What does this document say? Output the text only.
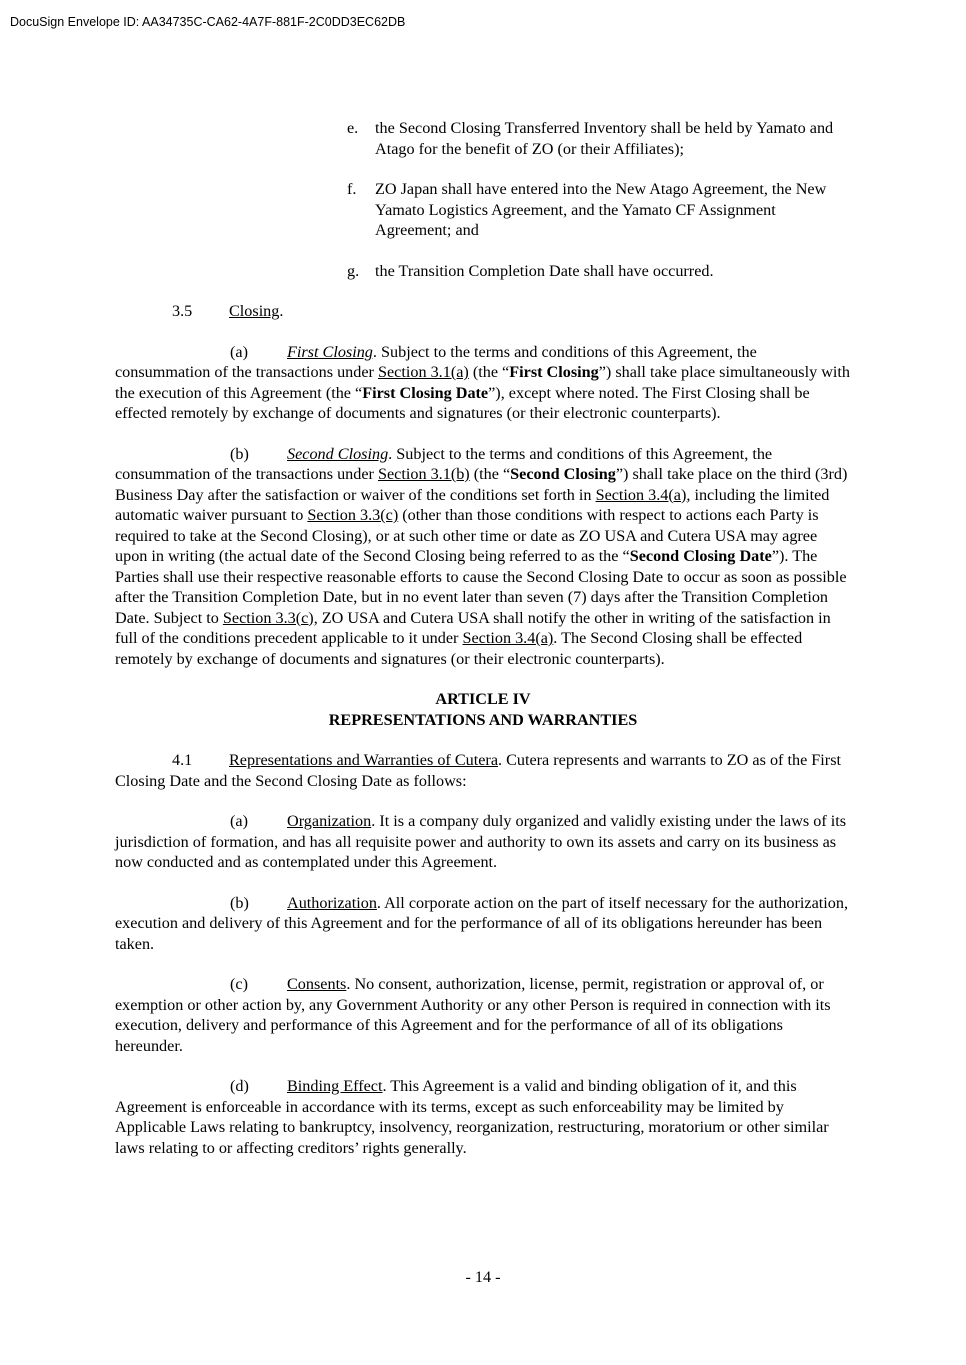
DocuSign Envelope ID: AA34735C-CA62-4A7F-881F-2C0DD3EC62DB
e. the Second Closing Transferred Inventory shall be held by Yamato and Atago for the benefit of ZO (or their Affiliates);
f. ZO Japan shall have entered into the New Atago Agreement, the New Yamato Logistics Agreement, and the Yamato CF Assignment Agreement; and
g. the Transition Completion Date shall have occurred.
3.5 Closing.

(a) First Closing. Subject to the terms and conditions of this Agreement, the consummation of the transactions under Section 3.1(a) (the “First Closing”) shall take place simultaneously with the execution of this Agreement (the “First Closing Date”), except where noted. The First Closing shall be effected remotely by exchange of documents and signatures (or their electronic counterparts).

(b) Second Closing. Subject to the terms and conditions of this Agreement, the consummation of the transactions under Section 3.1(b) (the “Second Closing”) shall take place on the third (3rd) Business Day after the satisfaction or waiver of the conditions set forth in Section 3.4(a), including the limited automatic waiver pursuant to Section 3.3(c) (other than those conditions with respect to actions each Party is required to take at the Second Closing), or at such other time or date as ZO USA and Cutera USA may agree upon in writing (the actual date of the Second Closing being referred to as the “Second Closing Date”). The Parties shall use their respective reasonable efforts to cause the Second Closing Date to occur as soon as possible after the Transition Completion Date, but in no event later than seven (7) days after the Transition Completion Date. Subject to Section 3.3(c), ZO USA and Cutera USA shall notify the other in writing of the satisfaction in full of the conditions precedent applicable to it under Section 3.4(a). The Second Closing shall be effected remotely by exchange of documents and signatures (or their electronic counterparts).

ARTICLE IV
REPRESENTATIONS AND WARRANTIES

4.1 Representations and Warranties of Cutera. Cutera represents and warrants to ZO as of the First Closing Date and the Second Closing Date as follows:

(a) Organization. It is a company duly organized and validly existing under the laws of its jurisdiction of formation, and has all requisite power and authority to own its assets and carry on its business as now conducted and as contemplated under this Agreement.

(b) Authorization. All corporate action on the part of itself necessary for the authorization, execution and delivery of this Agreement and for the performance of all of its obligations hereunder has been taken.

(c) Consents. No consent, authorization, license, permit, registration or approval of, or exemption or other action by, any Government Authority or any other Person is required in connection with its execution, delivery and performance of this Agreement and for the performance of all of its obligations hereunder.

(d) Binding Effect. This Agreement is a valid and binding obligation of it, and this Agreement is enforceable in accordance with its terms, except as such enforceability may be limited by Applicable Laws relating to bankruptcy, insolvency, reorganization, restructuring, moratorium or other similar laws relating to or affecting creditors’ rights generally.

- 14 -
